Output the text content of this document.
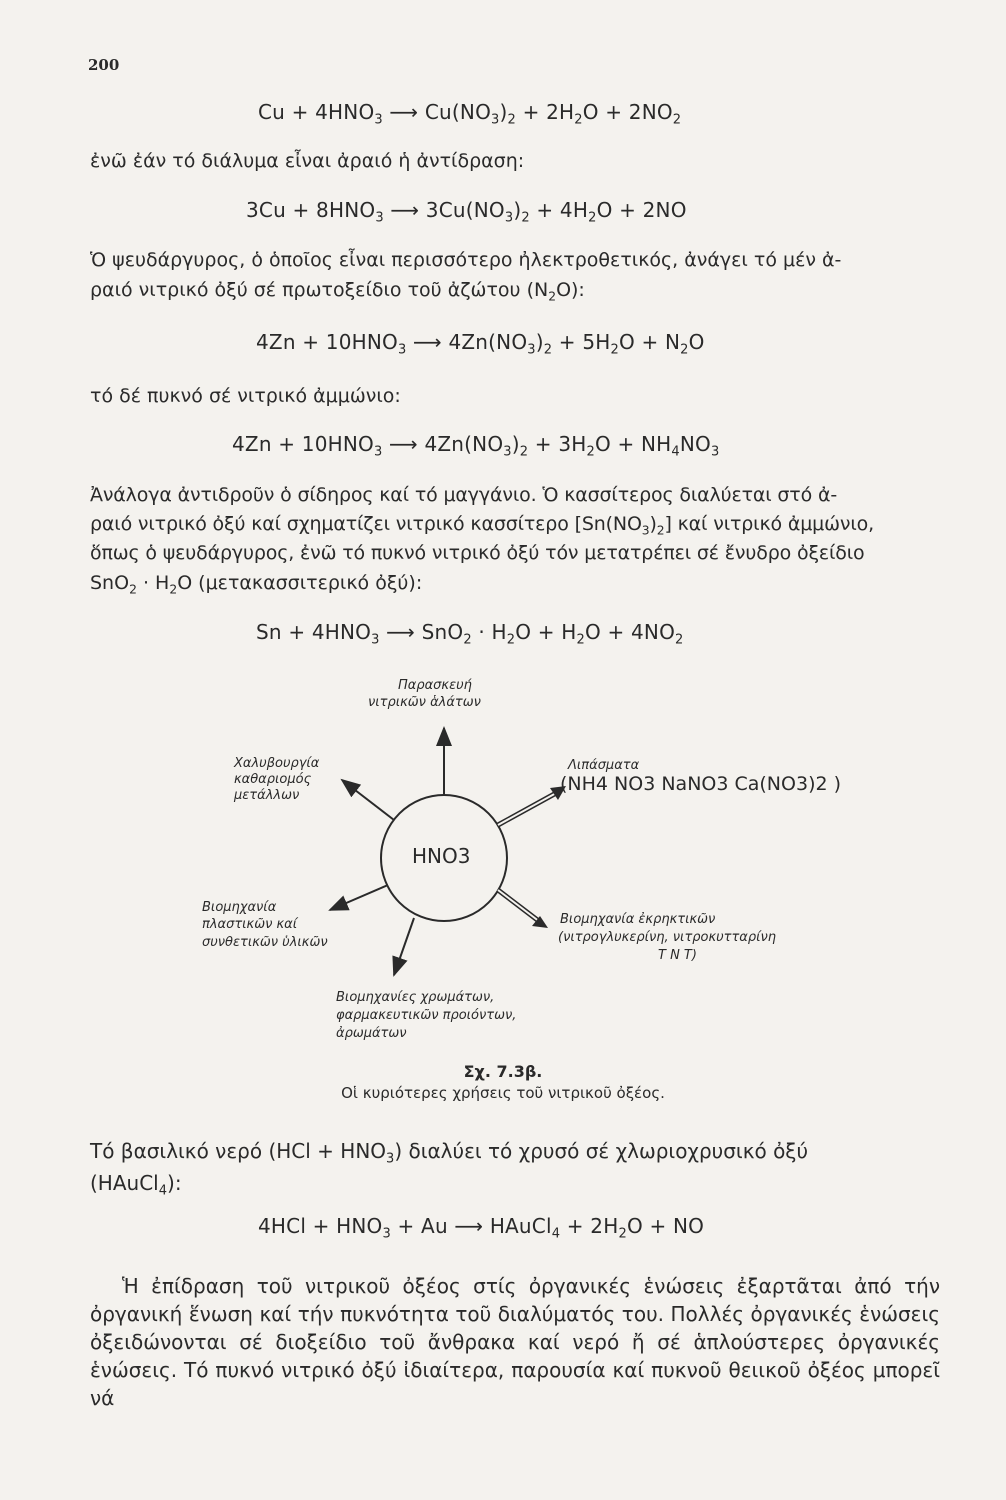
200
$Cu + 4HNO_3$ ⟶ $Cu(NO_3)_2 + 2H_2O + 2NO_2$
ἐνῶ ἐάν τό διάλυμα εἶναι ἀραιό ἡ ἀντίδραση:
$3Cu + 8HNO_3$ ⟶ $3Cu(NO_3)_2 + 4H_2O + 2NO$
Ὁ ψευδάργυρος, ὁ ὁποῖος εἶναι περισσότερο ἠλεκτροθετικός, ἀνάγει τό μέν ἀ-
ραιό νιτρικό ὀξύ σέ πρωτοξείδιο τοῦ ἀζώτου $(N_2O)$:
$4Zn + 10HNO_3$ ⟶ $4Zn(NO_3)_2 + 5H_2O + N_2O$
τό δέ πυκνό σέ νιτρικό ἀμμώνιο:
$4Zn + 10HNO_3$ ⟶ $4Zn(NO_3)_2 + 3H_2O + NH_4NO_3$
Ἀνάλογα ἀντιδροῦν ὁ σίδηρος καί τό μαγγάνιο. Ὁ κασσίτερος διαλύεται στό ἀ-
ραιό νιτρικό ὀξύ καί σχηματίζει νιτρικό κασσίτερο $[Sn(NO_3)_2]$ καί νιτρικό ἀμμώνιο,
ὅπως ὁ ψευδάργυρος, ἐνῶ τό πυκνό νιτρικό ὀξύ τόν μετατρέπει σέ ἔνυδρο ὀξείδιο
$SnO_2 \cdot H_2O$ (μετακασσιτερικό ὀξύ):
$Sn + 4HNO_3$ ⟶ $SnO_2 \cdot H_2O + H_2O + 4NO_2$
HNO3
Παρασκευή
νιτρικῶν ἁλάτων
Χαλυβουργία
καθαριομός
μετάλλων
Λιπάσματα
(NH4 NO3 NaNO3 Ca(NO3)2 )
Βιομηχανία
πλαστικῶν καί
συνθετικῶν ὑλικῶν
Βιομηχανία ἐκρηκτικῶν
(νιτρογλυκερίνη, νιτροκυτταρίνη
T N T)
Βιομηχανίες χρωμάτων,
φαρμακευτικῶν προιόντων,
ἀρωμάτων
Σχ. 7.3β.
Οἱ κυριότερες χρήσεις τοῦ νιτρικοῦ ὀξέος.
Τό βασιλικό νερό $(HCl + HNO_3)$ διαλύει τό χρυσό σέ χλωριοχρυσικό ὀξύ
(HAuCl$_4$):
$4HCl + HNO_3 + Au$ ⟶ HAuCl$_4$ + $2H_2O$ + NO
Ἡ ἐπίδραση τοῦ νιτρικοῦ ὀξέος στίς ὀργανικές ἑνώσεις ἐξαρτᾶται ἀπό τήν ὀργανική ἕνωση καί τήν πυκνότητα τοῦ διαλύματός του. Πολλές ὀργανικές ἑνώσεις ὀξειδώνονται σέ διοξείδιο τοῦ ἄνθρακα καί νερό ἤ σέ ἁπλούστερες ὀργανικές ἑνώσεις. Τό πυκνό νιτρικό ὀξύ ἰδιαίτερα, παρουσία καί πυκνοῦ θειικοῦ ὀξέος μπορεῖ νά
